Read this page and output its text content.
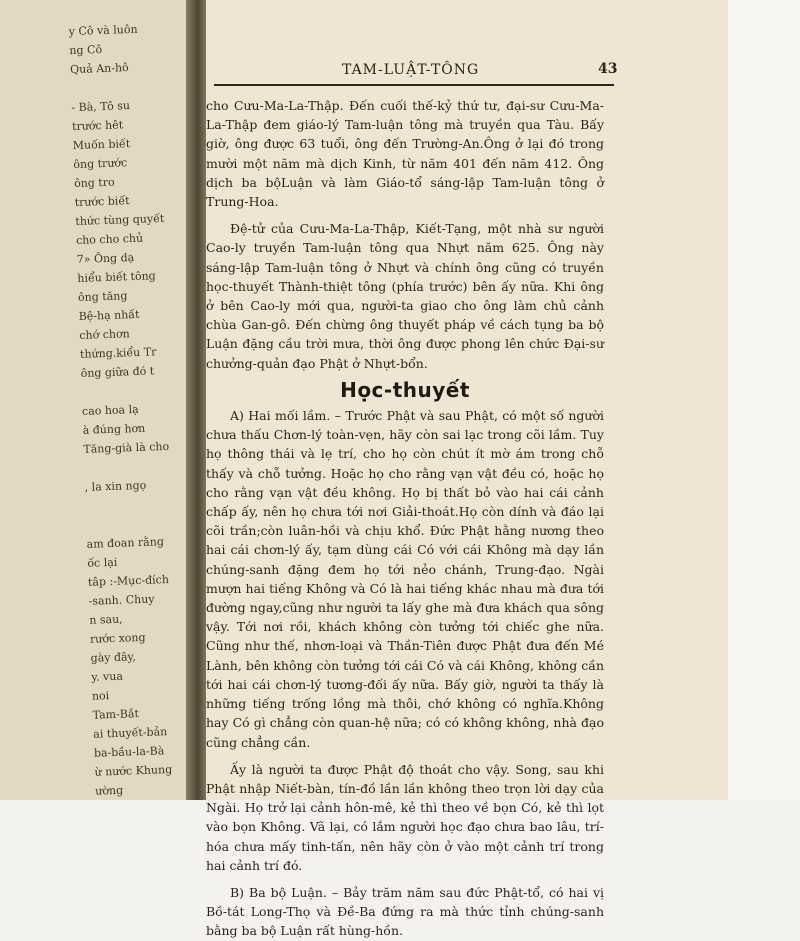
y Cô và luôn
ng Cô
Quả An-hô
- Bà, Tô su
trước hêt
Muốn biết
ông trước
ông tro
trước biết
thức tùng quyết
cho cho chủ
7» Ông dạ
hiểu biết tông
ông tăng
Bệ-hạ nhất
chớ chơn
thứng.kiểu Tr
ông giữa đó t
cao hoa lạ
à đúng hơn
Tăng-già là cho
, la xin ngọ
am đoan rằng
ốc lại
tâp :-Mục-đích
-sanh. Chuy
n sau,
rước xong
gày đây,
y. vua
noi
Tam-Bắt
ai thuyết-bản
ba-bầu-la-Bà
ừ nước Khung
ường
TAM-LUẬT-TÔNG	43

cho Cưu-Ma-La-Thập. Đến cuối thế-kỷ thứ tư, đại-sư Cưu-Ma-La-Thập đem giáo-lý Tam-luận tông mà truyền qua Tàu. Bấy giờ, ông được 63 tuổi, ông đến Trường-An.Ông ở lại đó trong mười một năm mà dịch Kinh, từ năm 401 đến năm 412. Ông dịch ba bộLuận và làm Giáo-tổ sáng-lập Tam-luận tông ở Trung-Hoa.

Đệ-tử của Cưu-Ma-La-Thập, Kiết-Tạng, một nhà sư người Cao-ly truyền Tam-luận tông qua Nhựt năm 625. Ông này sáng-lập Tam-luận tông ở Nhựt và chính ông cũng có truyền học-thuyết Thành-thiệt tông (phía trước) bên ấy nữa. Khi ông ở bên Cao-ly mới qua, người-ta giao cho ông làm chủ cảnh chùa Gan-gô. Đến chừng ông thuyết pháp về cách tụng ba bộ Luận đặng cầu trời mưa, thời ông được phong lên chức Đại-sư chưởng-quản đạo Phật ở Nhựt-bổn.

Học-thuyết

A) Hai mối lầm. – Trước Phật và sau Phật, có một số người chưa thấu Chơn-lý toàn-vẹn, hãy còn sai lạc trong cõi lầm. Tuy họ thông thái và lẹ trí, cho họ còn chút ít mờ ám trong chỗ thấy và chỗ tưởng. Hoặc họ cho rằng vạn vật đều có, hoặc họ cho rằng vạn vật đều không. Họ bị thất bỏ vào hai cái cảnh chấp ấy, nên họ chưa tới nơi Giải-thoát.Họ còn dính và đáo lại cõi trần;còn luân-hồi và chịu khổ. Đức Phật hằng nương theo hai cái chơn-lý ấy, tạm dùng cái Có với cái Không mà dạy lần chúng-sanh đặng đem họ tới nẻo chánh, Trung-đạo. Ngài mượn hai tiếng Không và Có là hai tiếng khác nhau mà đưa tới đường ngay,cũng như người ta lấy ghe mà đưa khách qua sông vậy. Tới nơi rồi, khách không còn tưởng tới chiếc ghe nữa. Cũng như thế, nhơn-loại và Thần-Tiên được Phật đưa đến Mé Lành, bên không còn tưởng tới cái Có và cái Không, không cần tới hai cái chơn-lý tương-đối ấy nữa. Bấy giờ, người ta thấy là những tiếng trống lồng mà thôi, chớ không có nghĩa.Không hay Có gì chẳng còn quan-hệ nữa; có có không không, nhà đạo cũng chẳng cần.

Ấy là người ta được Phật độ thoát cho vậy. Song, sau khi Phật nhập Niết-bàn, tín-đồ lần lần không theo trọn lời dạy của Ngài. Họ trở lại cảnh hôn-mê, kẻ thì theo về bọn Có, kẻ thì lọt vào bọn Không. Vã lại, có lắm người học đạo chưa bao lâu, trí-hóa chưa mấy tinh-tấn, nên hãy còn ở vào một cảnh trí trong hai cảnh trí đó.

B) Ba bộ Luận. – Bảy trăm năm sau đức Phật-tổ, có hai vị Bồ-tát Long-Thọ và Đề-Ba đứng ra mà thức tỉnh chúng-sanh bằng ba bộ Luận rất hùng-hồn.
